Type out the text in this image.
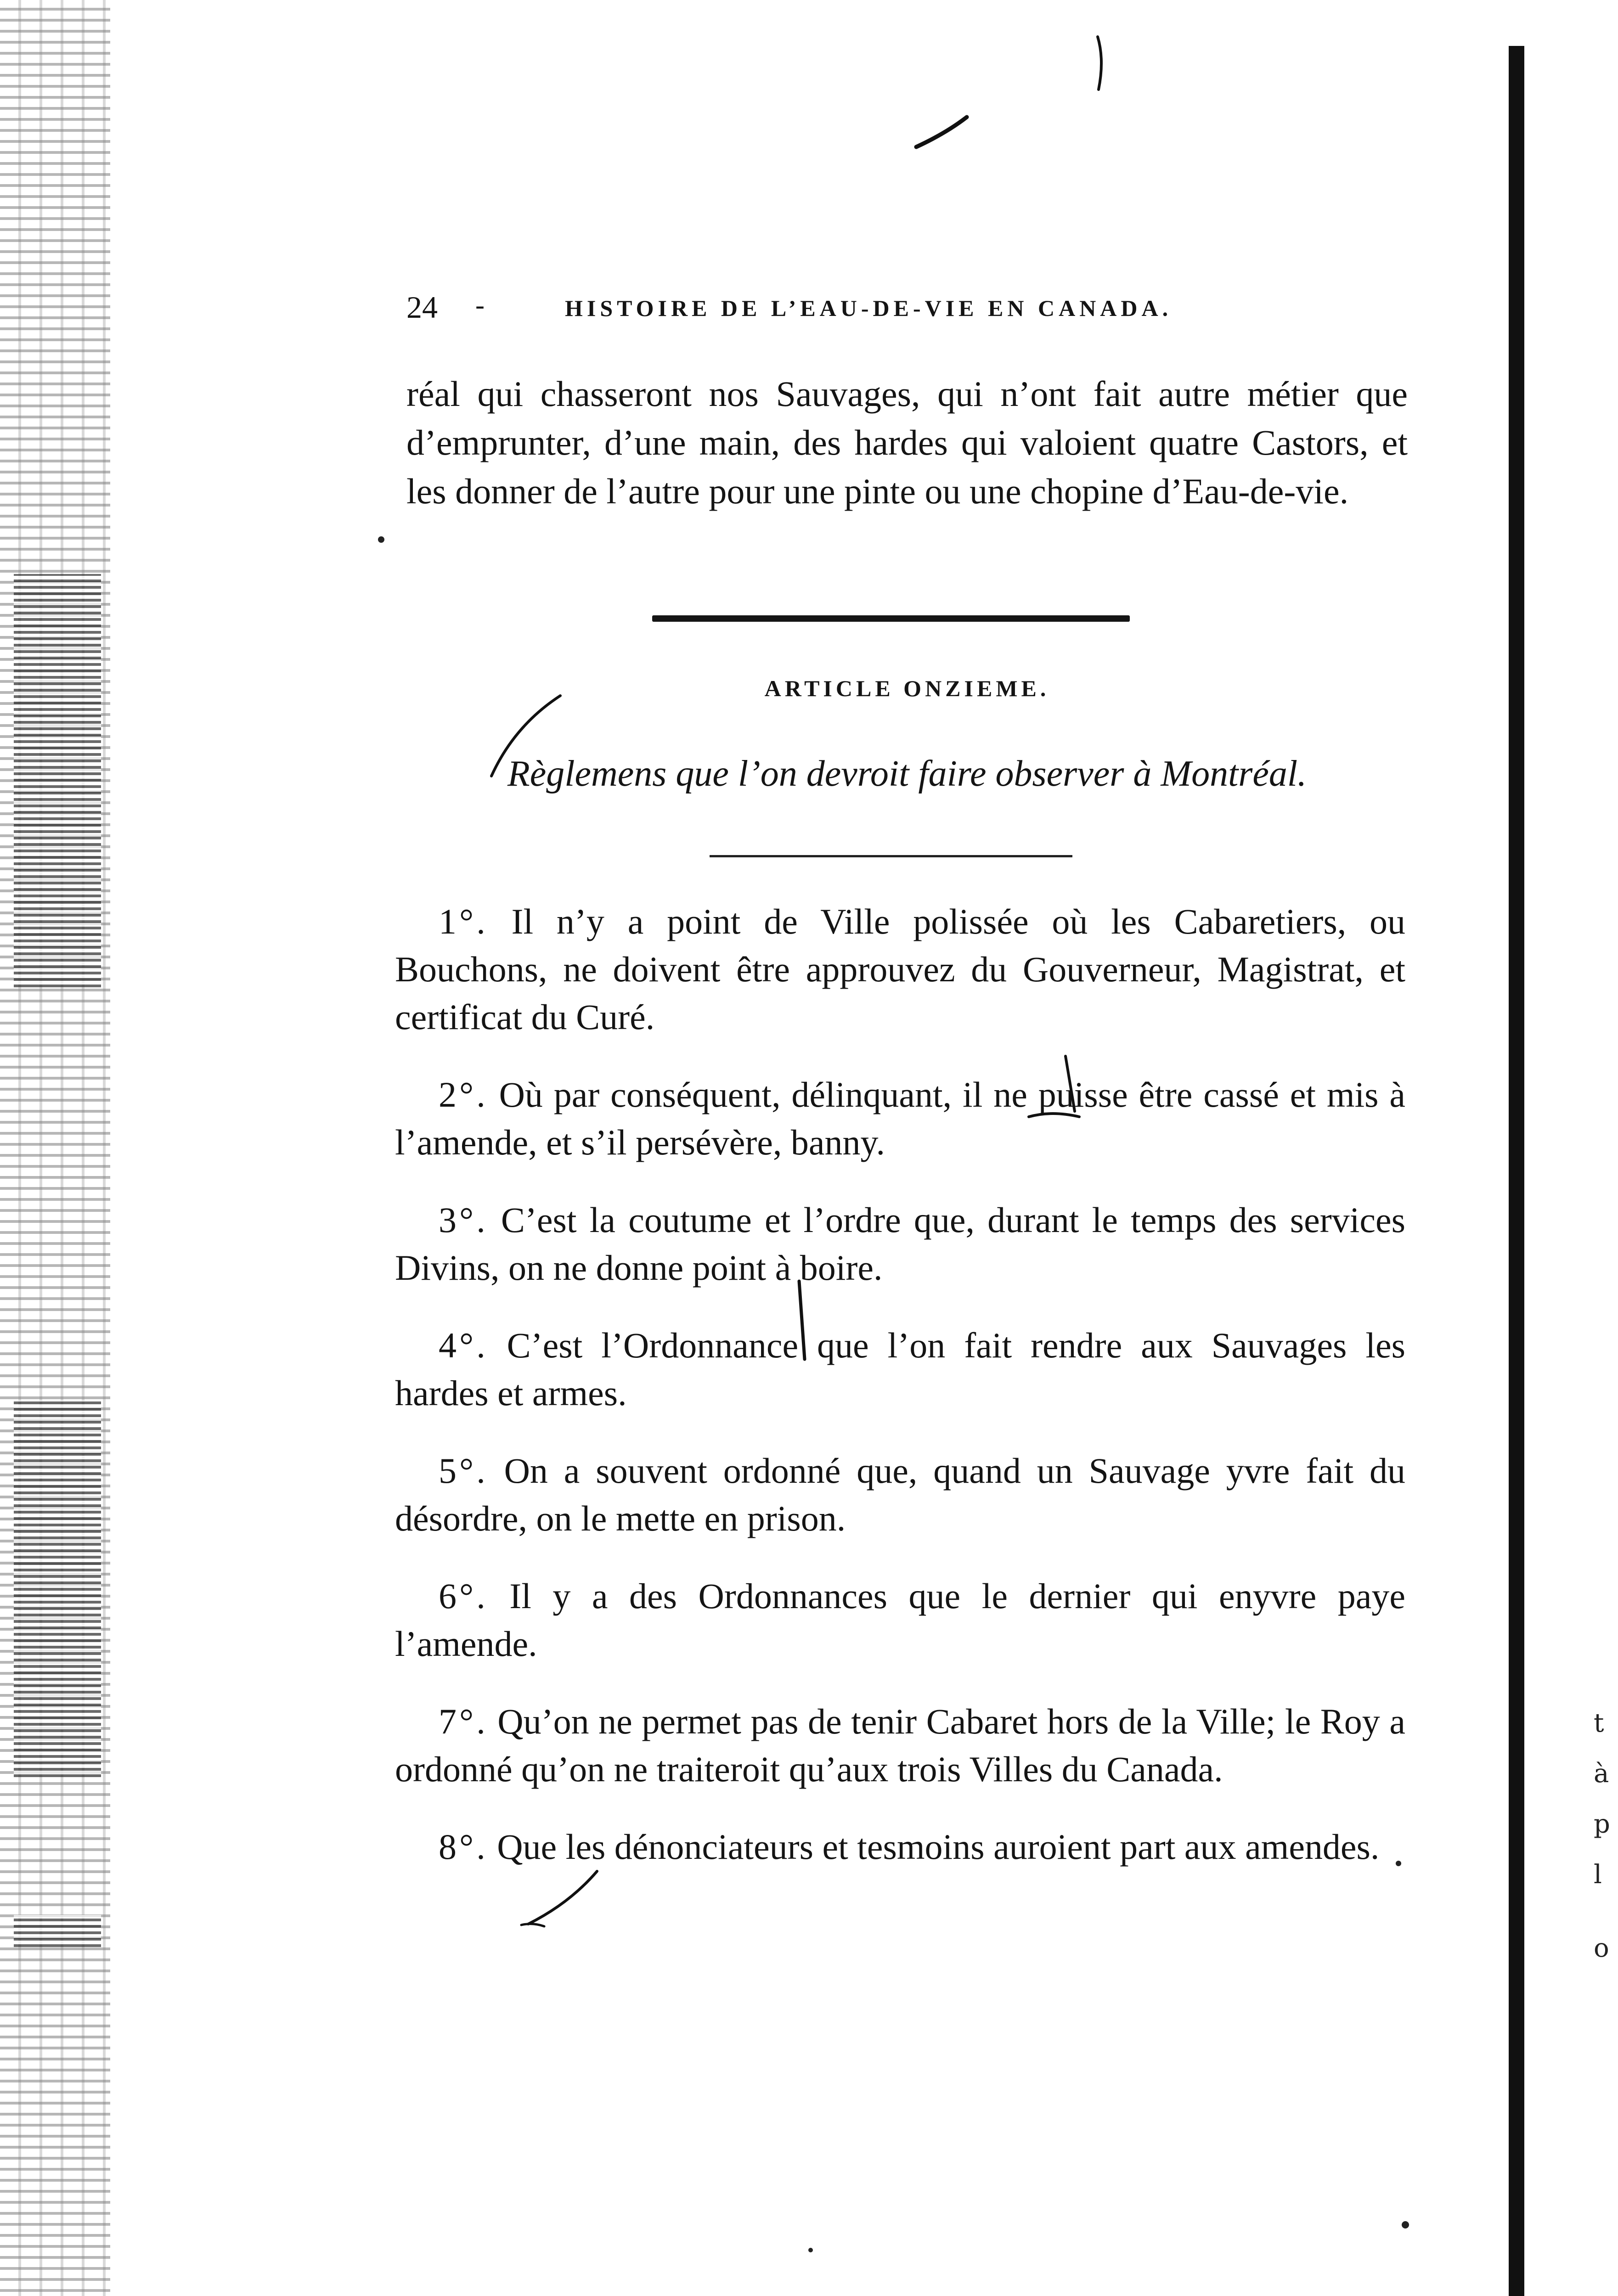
t
à
p
l
o
24 -	HISTOIRE DE L’EAU-DE-VIE EN CANADA.
réal qui chasseront nos Sauvages, qui n’ont fait autre métier que d’emprunter, d’une main, des hardes qui valoient quatre Castors, et les donner de l’autre pour une pinte ou une chopine d’Eau-de-vie.
ARTICLE ONZIEME.
Règlemens que l’on devroit faire observer à Montréal.

1°. Il n’y a point de Ville polissée où les Cabaretiers, ou Bouchons, ne doivent être approuvez du Gouverneur, Magistrat, et certificat du Curé.

2°. Où par conséquent, délinquant, il ne puisse être cassé et mis à l’amende, et s’il persévère, banny.

3°. C’est la coutume et l’ordre que, durant le temps des services Divins, on ne donne point à boire.

4°. C’est l’Ordonnance que l’on fait rendre aux Sauvages les hardes et armes.

5°. On a souvent ordonné que, quand un Sauvage yvre fait du désordre, on le mette en prison.

6°. Il y a des Ordonnances que le dernier qui enyvre paye l’amende.

7°. Qu’on ne permet pas de tenir Cabaret hors de la Ville; le Roy a ordonné qu’on ne traiteroit qu’aux trois Villes du Canada.

8°. Que les dénonciateurs et tesmoins auroient part aux amendes.
